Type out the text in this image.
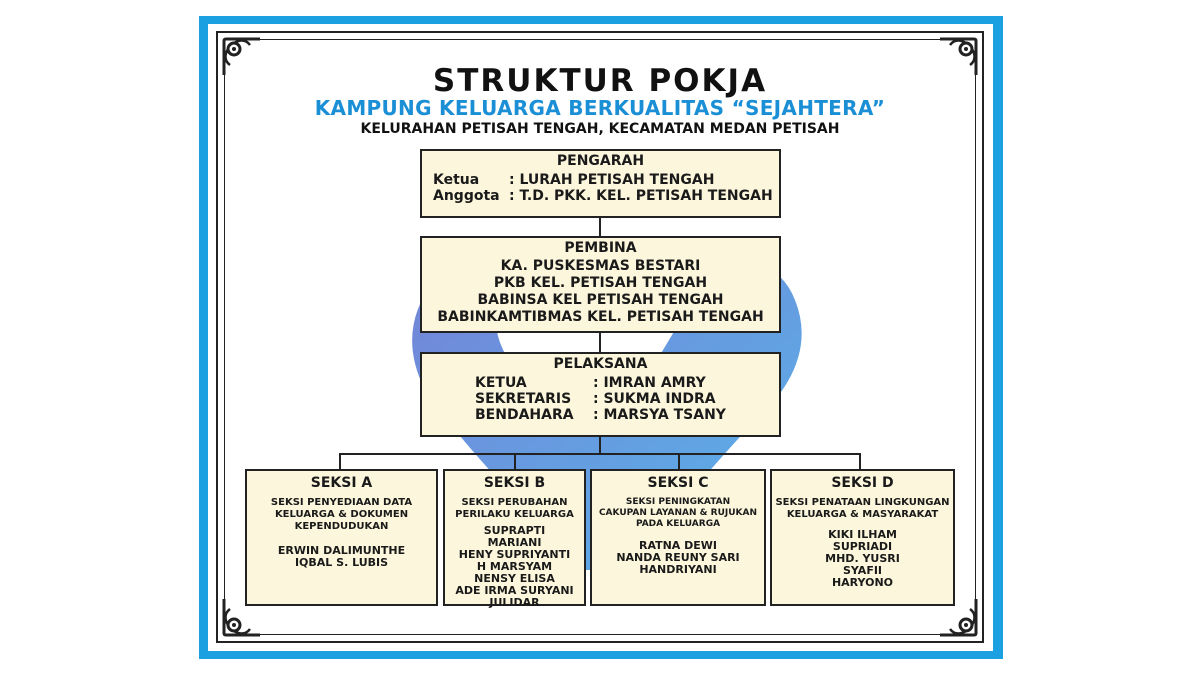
STRUKTUR POKJA
KAMPUNG KELUARGA BERKUALITAS “SEJAHTERA”
KELURAHAN PETISAH TENGAH, KECAMATAN MEDAN PETISAH
PENGARAH
Ketua	: LURAH PETISAH TENGAH
Anggota : T.D. PKK. KEL. PETISAH TENGAH
PEMBINA
KA. PUSKESMAS BESTARI
PKB KEL. PETISAH TENGAH
BABINSA KEL PETISAH TENGAH
BABINKAMTIBMAS KEL. PETISAH TENGAH
PELAKSANA
KETUA	: IMRAN AMRY
SEKRETARIS	: SUKMA INDRA
BENDAHARA	: MARSYA TSANY
SEKSI A
SEKSI PENYEDIAAN DATA
KELUARGA & DOKUMEN
KEPENDUDUKAN
ERWIN DALIMUNTHE
IQBAL S. LUBIS
SEKSI B
SEKSI PERUBAHAN
PERILAKU KELUARGA
SUPRAPTI
MARIANI
HENY SUPRIYANTI
H MARSYAM
NENSY ELISA
ADE IRMA SURYANI
JULIDAR
SEKSI C
SEKSI PENINGKATAN
CAKUPAN LAYANAN & RUJUKAN
PADA KELUARGA
RATNA DEWI
NANDA REUNY SARI
HANDRIYANI
SEKSI D
SEKSI PENATAAN LINGKUNGAN
KELUARGA & MASYARAKAT
KIKI ILHAM
SUPRIADI
MHD. YUSRI
SYAFII
HARYONO
